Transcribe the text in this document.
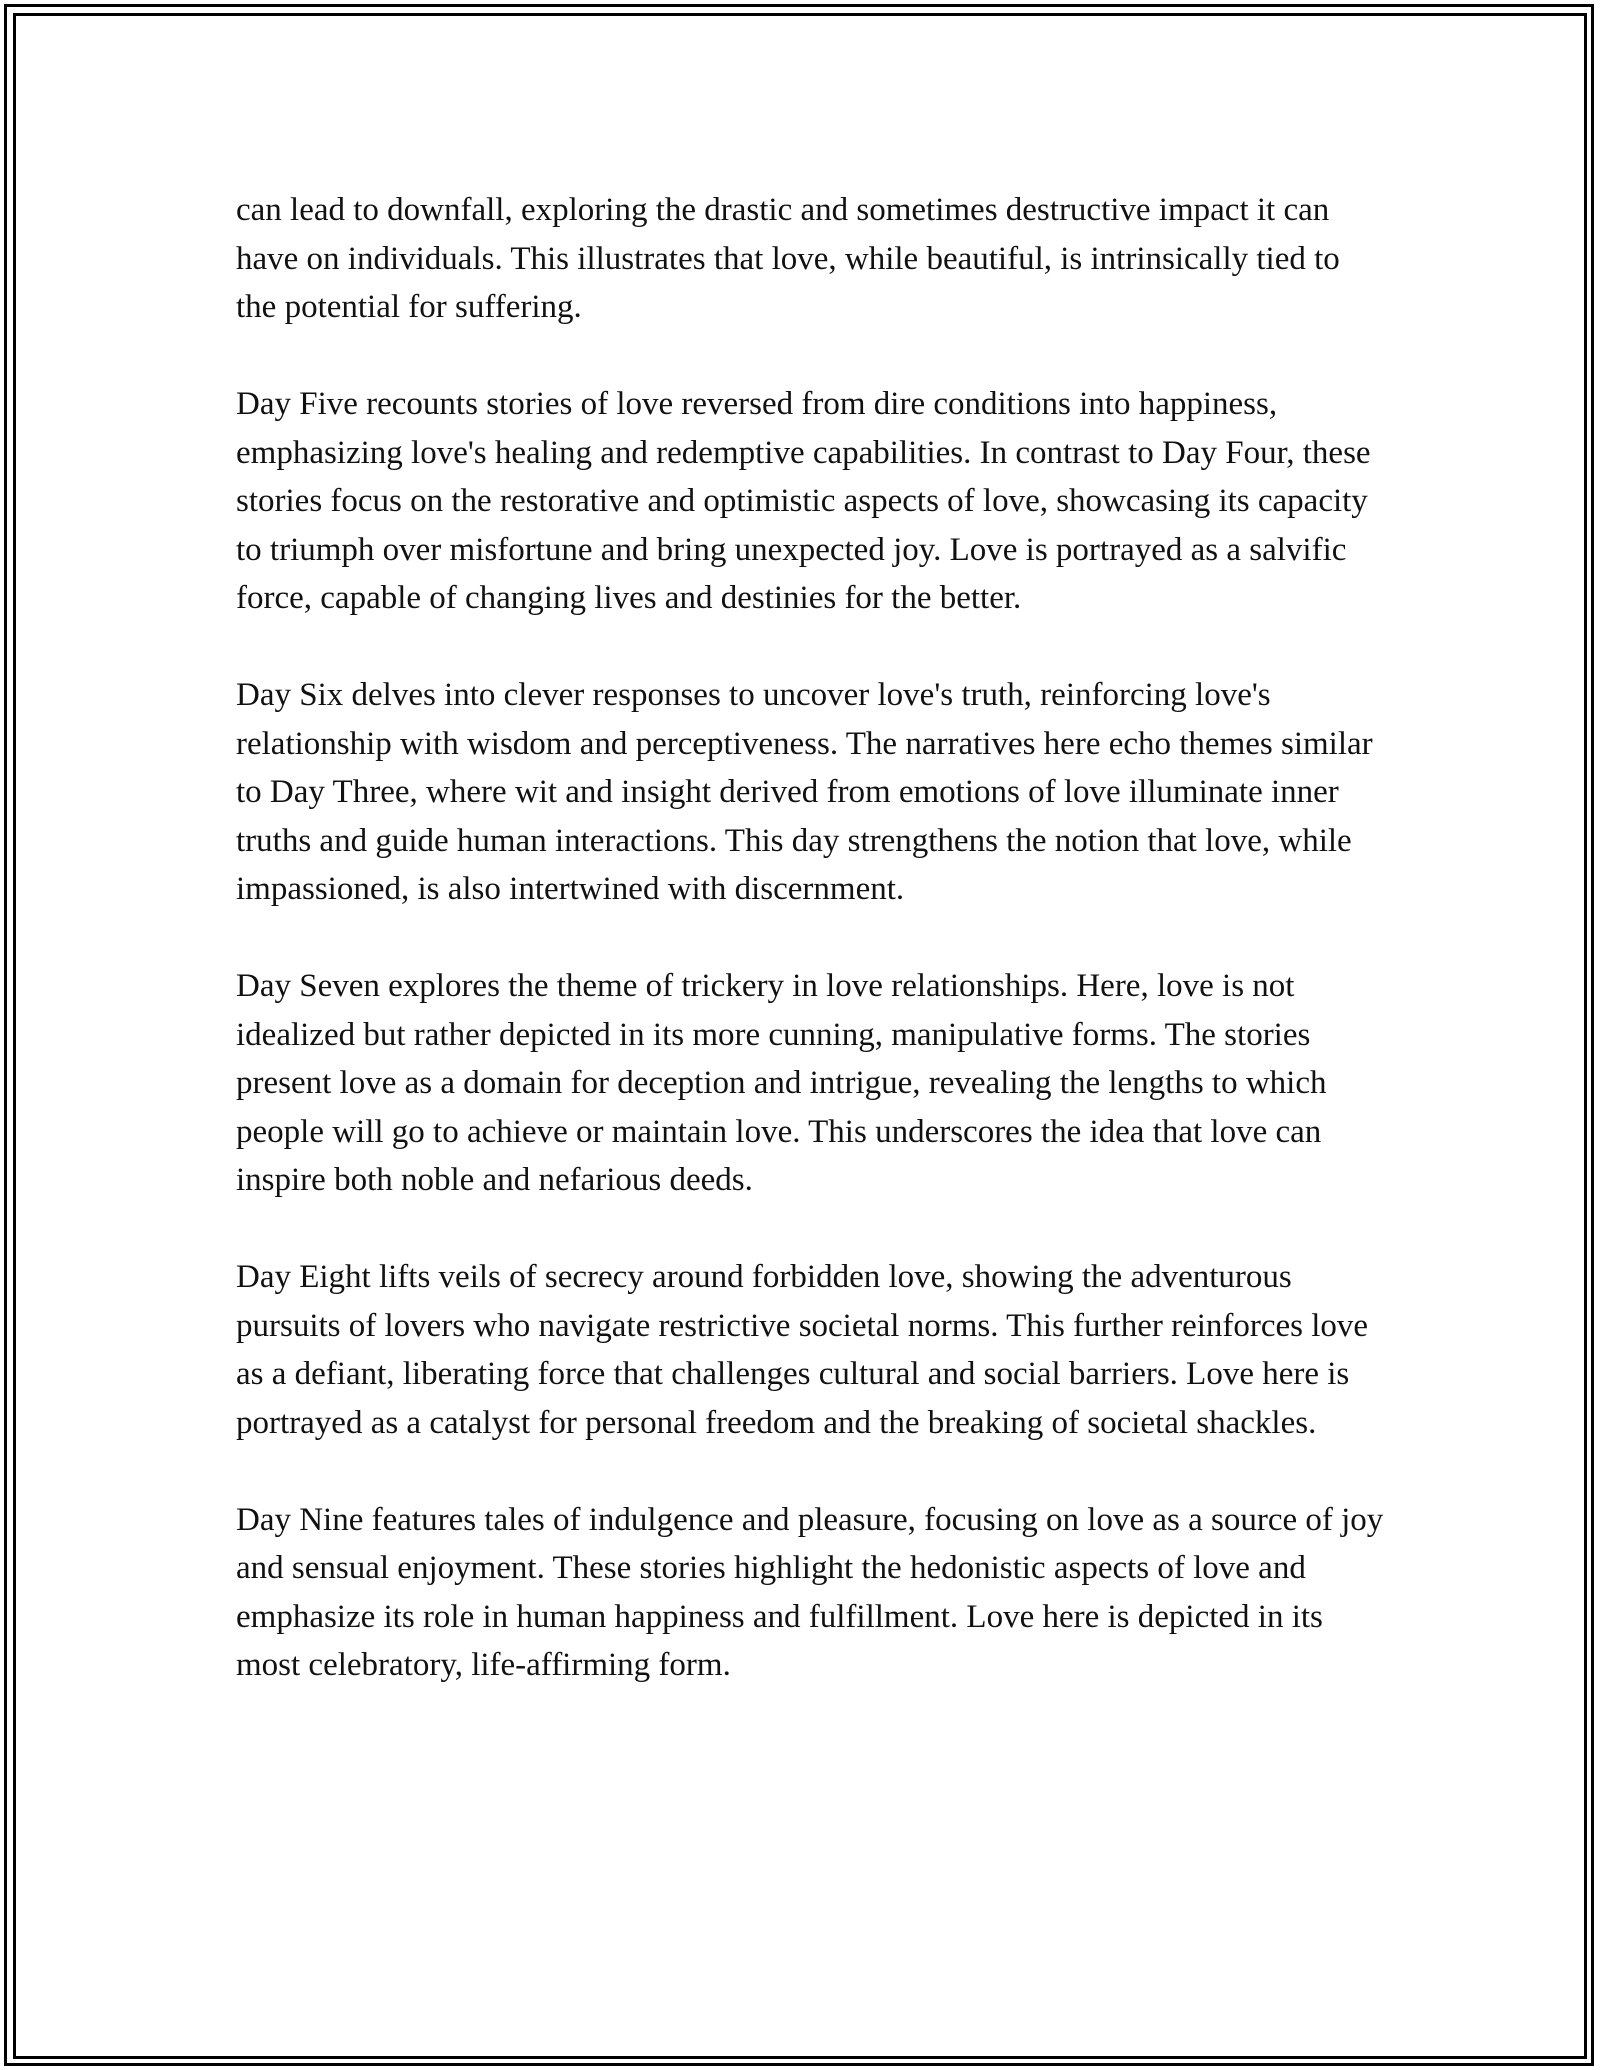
can lead to downfall, exploring the drastic and sometimes destructive impact it can have on individuals. This illustrates that love, while beautiful, is intrinsically tied to the potential for suffering.

Day Five recounts stories of love reversed from dire conditions into happiness, emphasizing love's healing and redemptive capabilities. In contrast to Day Four, these stories focus on the restorative and optimistic aspects of love, showcasing its capacity to triumph over misfortune and bring unexpected joy. Love is portrayed as a salvific force, capable of changing lives and destinies for the better.

Day Six delves into clever responses to uncover love's truth, reinforcing love's relationship with wisdom and perceptiveness. The narratives here echo themes similar to Day Three, where wit and insight derived from emotions of love illuminate inner truths and guide human interactions. This day strengthens the notion that love, while impassioned, is also intertwined with discernment.

Day Seven explores the theme of trickery in love relationships. Here, love is not idealized but rather depicted in its more cunning, manipulative forms. The stories present love as a domain for deception and intrigue, revealing the lengths to which people will go to achieve or maintain love. This underscores the idea that love can inspire both noble and nefarious deeds.

Day Eight lifts veils of secrecy around forbidden love, showing the adventurous pursuits of lovers who navigate restrictive societal norms. This further reinforces love as a defiant, liberating force that challenges cultural and social barriers. Love here is portrayed as a catalyst for personal freedom and the breaking of societal shackles.

Day Nine features tales of indulgence and pleasure, focusing on love as a source of joy and sensual enjoyment. These stories highlight the hedonistic aspects of love and emphasize its role in human happiness and fulfillment. Love here is depicted in its most celebratory, life-affirming form.
